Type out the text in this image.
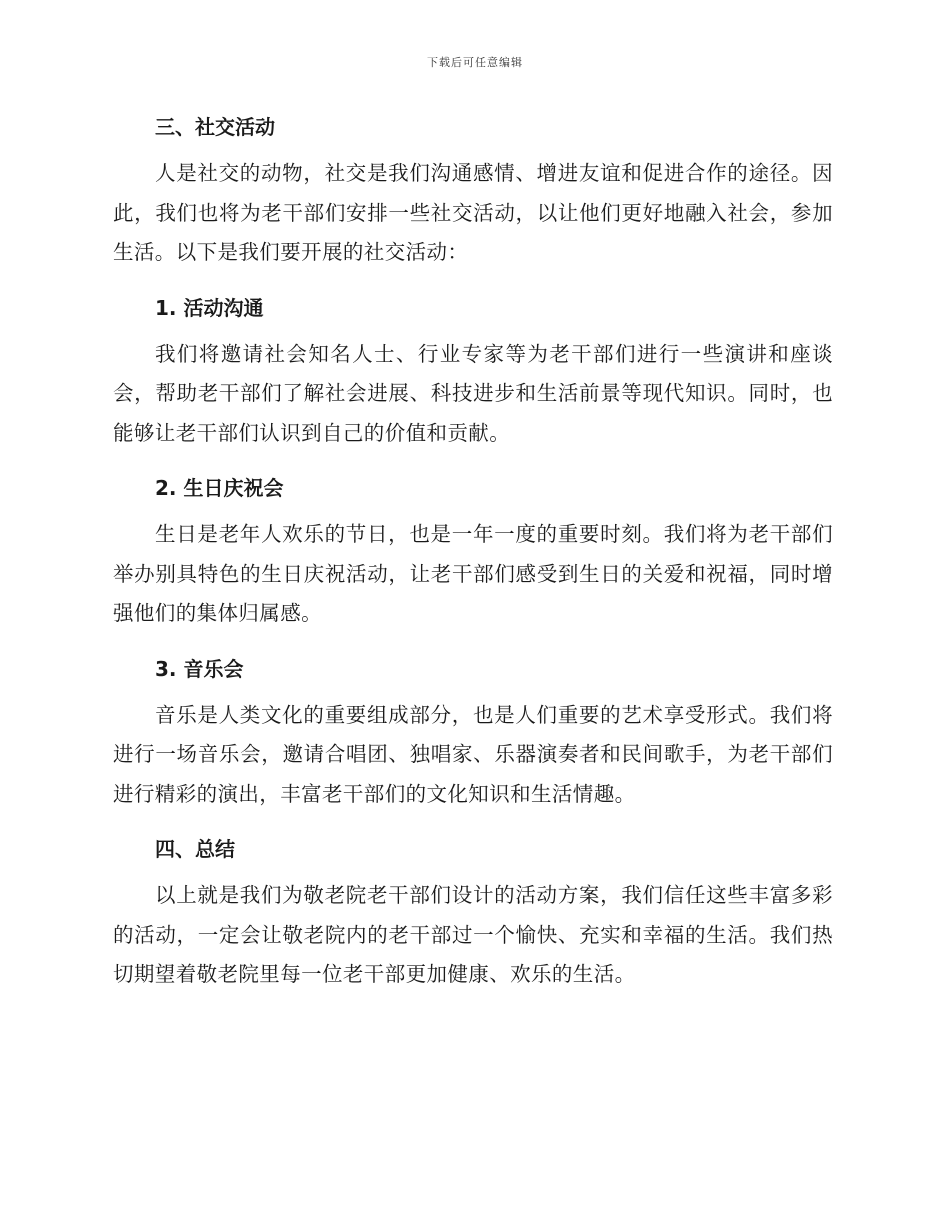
下载后可任意编辑
三、社交活动

人是社交的动物，社交是我们沟通感情、增进友谊和促进合作的途径。因此，我们也将为老干部们安排一些社交活动，以让他们更好地融入社会，参加生活。以下是我们要开展的社交活动：

1. 活动沟通

我们将邀请社会知名人士、行业专家等为老干部们进行一些演讲和座谈会，帮助老干部们了解社会进展、科技进步和生活前景等现代知识。同时，也能够让老干部们认识到自己的价值和贡献。

2. 生日庆祝会

生日是老年人欢乐的节日，也是一年一度的重要时刻。我们将为老干部们举办别具特色的生日庆祝活动，让老干部们感受到生日的关爱和祝福，同时增强他们的集体归属感。

3. 音乐会

音乐是人类文化的重要组成部分，也是人们重要的艺术享受形式。我们将进行一场音乐会，邀请合唱团、独唱家、乐器演奏者和民间歌手，为老干部们进行精彩的演出，丰富老干部们的文化知识和生活情趣。

四、总结

以上就是我们为敬老院老干部们设计的活动方案，我们信任这些丰富多彩的活动，一定会让敬老院内的老干部过一个愉快、充实和幸福的生活。我们热切期望着敬老院里每一位老干部更加健康、欢乐的生活。
